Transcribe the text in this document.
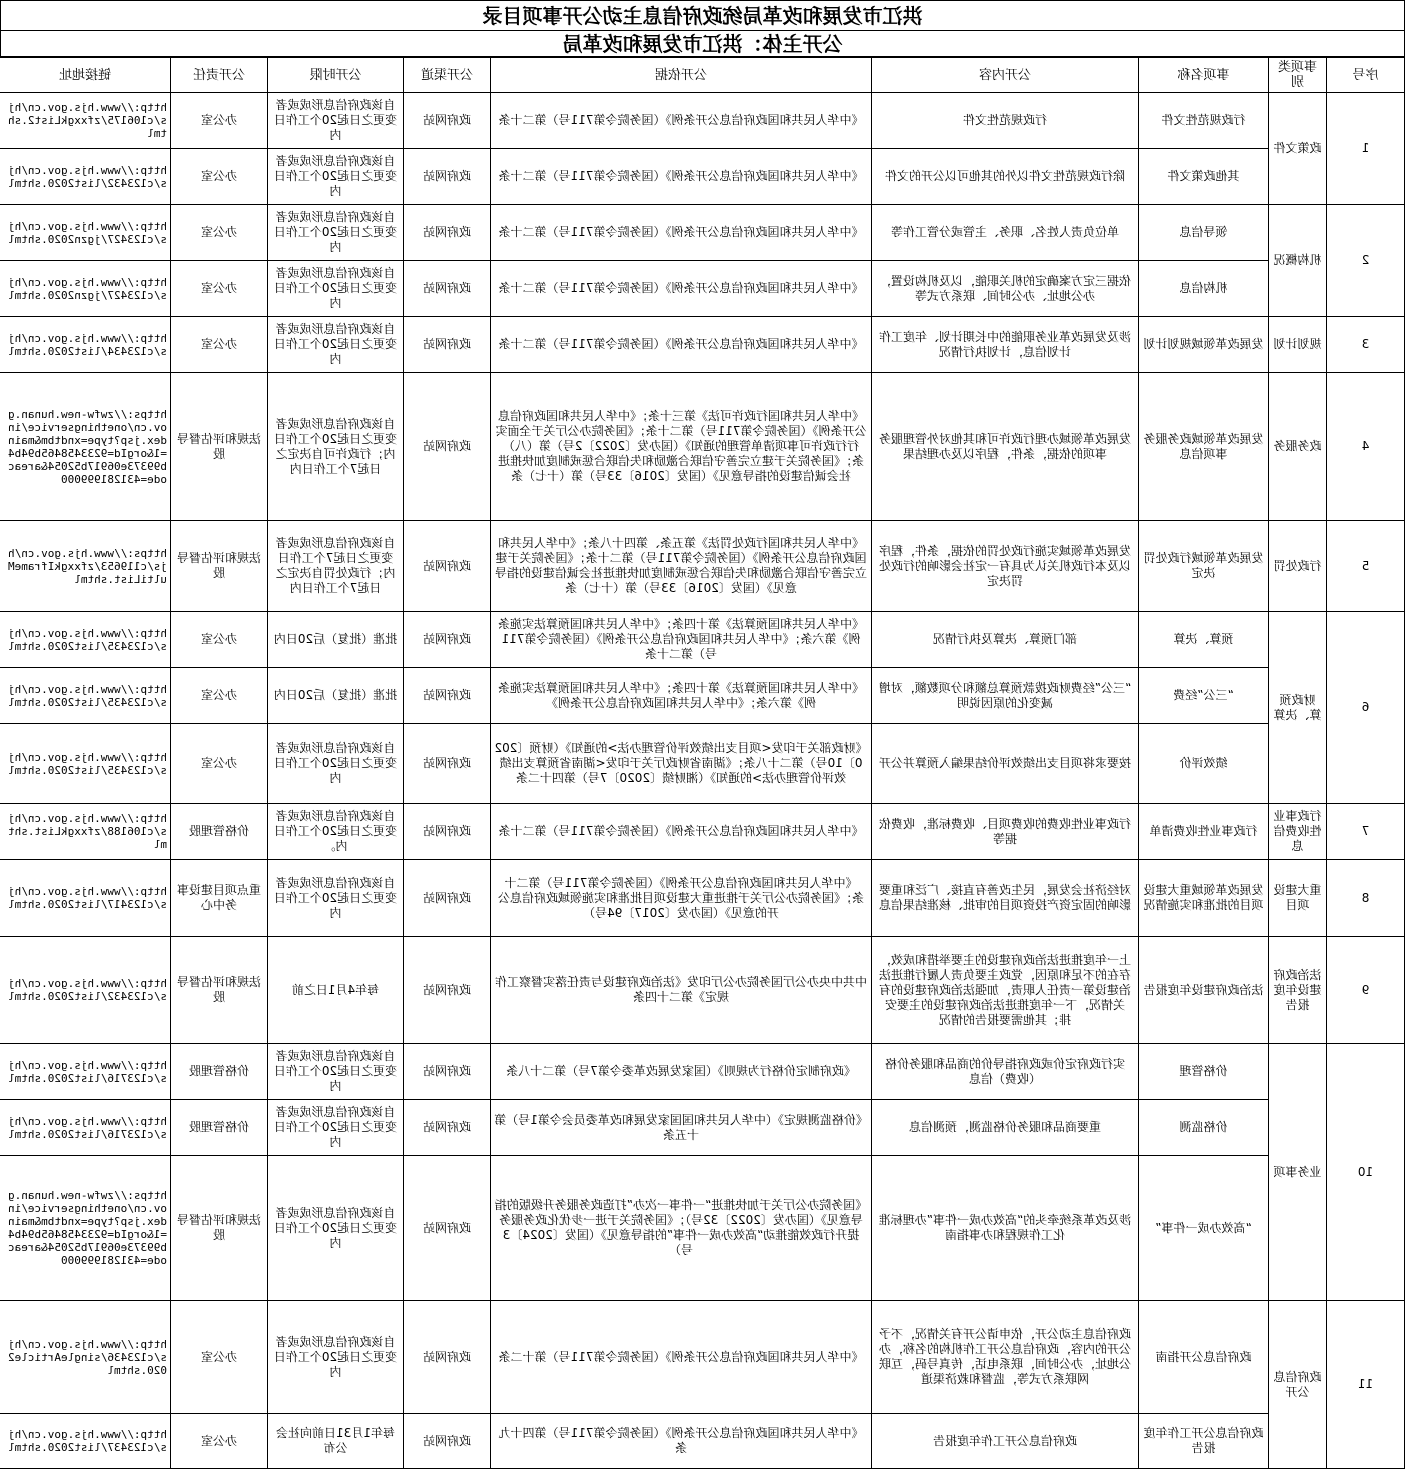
洪江市发展和改革局统政府信息主动公开事项目录
公开主体：洪江市发展和改革局
序号	事项类别	事项名称	公开内容	公开依据	公开渠道	公开时限	公开责任	链接地址
1	政策文件	行政规范性文件	行政规范性文件	《中华人民共和国政府信息公开条例》（国务院令第711号）第二十条	政府网站	自该政府信息形成或者变更之日起20个工作日内	办公室	http://www.hjs.gov.cn/hjs/c106175/zfxxgkList2.shtml
		其他政策文件	除行政规范性文件以外的其他可以公开的文件	《中华人民共和国政府信息公开条例》（国务院令第711号）第二十条	政府网站	自该政府信息形成或者变更之日起20个工作日内	办公室	http://www.hjs.gov.cn/hjs/c123432/list2020.shtml
2	机构概况	领导信息	单位负责人姓名、职务、主管或分管工作等	《中华人民共和国政府信息公开条例》（国务院令第711号）第二十条	政府网站	自该政府信息形成或者变更之日起20个工作日内	办公室	http://www.hjs.gov.cn/hjs/c123427/jgzn2020.shtml
		机构信息	依据三定方案确定的机关职能，以及机构设置，办公地址、办公时间、联系方式等	《中华人民共和国政府信息公开条例》（国务院令第711号）第二十条	政府网站	自该政府信息形成或者变更之日起20个工作日内	办公室	http://www.hjs.gov.cn/hjs/c123427/jgzn2020.shtml
3	规划计划	发展改革领域规划计划	涉及发展改革业务职能的中长期计划、年度工作计划信息，计划执行情况	《中华人民共和国政府信息公开条例》（国务院令第711号）第二十条	政府网站	自该政府信息形成或者变更之日起20个工作日内	办公室	http://www.hjs.gov.cn/hjs/c123434/list2020.shtml
4	政务服务	发展改革领域政务服务事项信息	发展改革领域办理行政许可和其他对外管理服务事项的依据，条件，程序以及办理结果	《中华人民共和国行政许可法》第三十条；《中华人民共和国政府信息公开条例》（国务院令第711号）第二十条；《国务院办公厅关于全面实行行政许可事项清单管理的通知》（国办发〔2022〕2号）第（八）条；《国务院关于建立完善守信联合激励和失信联合惩戒制度加快推进社会诚信建设的指导意见》（国发〔2016〕33号）第（十七）条	政府网站	自该政府信息形成或者变更之日起20个工作日内；行政许可自决定之日起7个工作日内	法规和评估督导股	https://zwfw-new.hunan.gov.cn/onethingservice/index.jsp?type=xndtbm&main=1&orgId=9233458465b94b4b99373e06917b52054&areacode=431281999000
5	行政处罚	发展改革领域行政处罚决定	发展改革领域实施行政处罚的依据，条件，程序以及本行政机关认为具有一定社会影响的行政处罚决定	《中华人民共和国行政处罚法》第五条、第四十八条；《中华人民共和国政府信息公开条例》（国务院令第711号）第二十条；《国务院关于建立完善守信联合激励和失信联合惩戒制度加快推进社会诚信建设的指导意见》（国发〔2016〕33号）第（十七）条	政府网站	自该政府信息形成或者变更之日起7个工作日内；行政处罚自决定之日起7个工作日内	法规和评估督导股	https://www.hjs.gov.cn/hjs/c119653/zfxxgkIframeMultiList.shtml
6	财政预算、决算	预算、决算	部门预算、决算及执行情况	《中华人民共和国预算法》第十四条；《中华人民共和国预算法实施条例》第六条；《中华人民共和国政府信息公开条例》（国务院令第711号）第二十条	政府网站	批准（批复）后20日内	办公室	http://www.hjs.gov.cn/hjs/c123435/list2020.shtml
		“三公”经费	“三公”经费财政拨款预算总额和分项数额，对增减变化的原因说明	《中华人民共和国预算法》第十四条；《中华人民共和国预算法实施条例》第六条；《中华人民共和国政府信息公开条例》	政府网站	批准（批复）后20日内	办公室	http://www.hjs.gov.cn/hjs/c123435/list2020.shtml
		绩效评价	按要求将项目支出绩效评价结果编入预算并公开	《财政部关于印发<项目支出绩效评价管理办法>的通知》（财预〔2020〕10号）第二十八条；《湖南省财政厅关于印发<湖南省预算支出绩效评价管理办法>的通知》（湘财绩〔2020〕7号）第四十二条	政府网站	自该政府信息形成或者变更之日起20个工作日内	办公室	http://www.hjs.gov.cn/hjs/c123435/list2020.shtml
7	行政事业性收费信息	行政事业性收费清单	行政事业性收费的收费项目、收费标准，收费依据等	《中华人民共和国政府信息公开条例》（国务院令第711号）第二十条	政府网站	自该政府信息形成或者变更之日起20个工作日内。	价格管理股	http://www.hjs.gov.cn/hjs/c106188/zfxxgkList.shtml
8	重大建设项目	发展改革领域重大建设项目的批准和实施情况	对经济社会发展，民生改善有直接、广泛和重要影响的固定资产投资项目的审批、核准结果信息	《中华人民共和国政府信息公开条例》（国务院令第711号）第二十条；《国务院办公厅关于推进重大建设项目批准和实施领域政府信息公开的意见》（国办发〔2017〕94号）	政府网站	自该政府信息形成或者变更之日起20个工作日内	重点项目建设事务中心	http://www.hjs.gov.cn/hjs/c123417/list2020.shtml
9	法治政府建设年度报告	法治政府建设年度报告	上一年度推进法治政府建设的主要举措和成效，存在的不足和原因，党政主要负责人履行推进法治建设第一责任人职责，加强法治政府建设的有关情况，下一年度推进法治政府建设的主要安排；其他需要报告的情况	中共中央办公厅国务院办公厅印发《法治政府建设与责任落实督察工作规定》第二十四条	政府网站	每年4月1日之前	法规和评估督导股	http://www.hjs.gov.cn/hjs/c123432/list2020.shtml
10	业务事项	价格管理	实行政府定价或政府指导价的商品和服务价格（收费）信息	《政府制定价格行为规则》（国家发展改革委令第7号）第二十八条	政府网站	自该政府信息形成或者变更之日起20个工作日内	价格管理股	http://www.hjs.gov.cn/hjs/c123716/list2020.shtml
		价格监测	重要商品和服务价格监测，预测信息	《价格监测规定》（中华人民共和国国家发展和改革委员会令第1号）第十五条	政府网站	自该政府信息形成或者变更之日起20个工作日内	价格管理股	http://www.hjs.gov.cn/hjs/c123716/list2020.shtml
		“高效办成一件事”	涉及改革系统牵头的“高效办成一件事”办理标准化工作规程和办事指南	《国务院办公厅关于加快推进“一件事一次办”打造政务服务升级版的指导意见》（国办发〔2022〕32号）；《国务院关于进一步优化政务服务提升行政效能推动“高效办成一件事”的指导意见》（国发〔2024〕3号）	政府网站	自该政府信息形成或者变更之日起20个工作日内	法规和评估督导股	https://zwfw-new.hunan.gov.cn/onethingservice/index.jsp?type=xndtbm&main=1&orgId=9233458465b94b4b99373e06917b52054&areacode=431281999000
11	政府信息公开	政府信息公开指南	政府信息主动公开，依申请公开有关情况，不予公开的内容，政府信息公开工作机构的名称，办公地址，办公时间，联系电话，传真号码，互联网联系方式等，监督和救济渠道	《中华人民共和国政府信息公开条例》（国务院令第711号）第十二条	政府网站	自该政府信息形成或者变更之日起20个工作日内	办公室	http://www.hjs.gov.cn/hjs/c123436/singleArticle2020.shtml
		政府信息公开工作年度报告	政府信息公开工作年度报告	《中华人民共和国政府信息公开条例》（国务院令第711号）第四十九条	政府网站	每年1月31日前向社会公布	办公室	http://www.hjs.gov.cn/hjs/c123437/list2020.shtml
